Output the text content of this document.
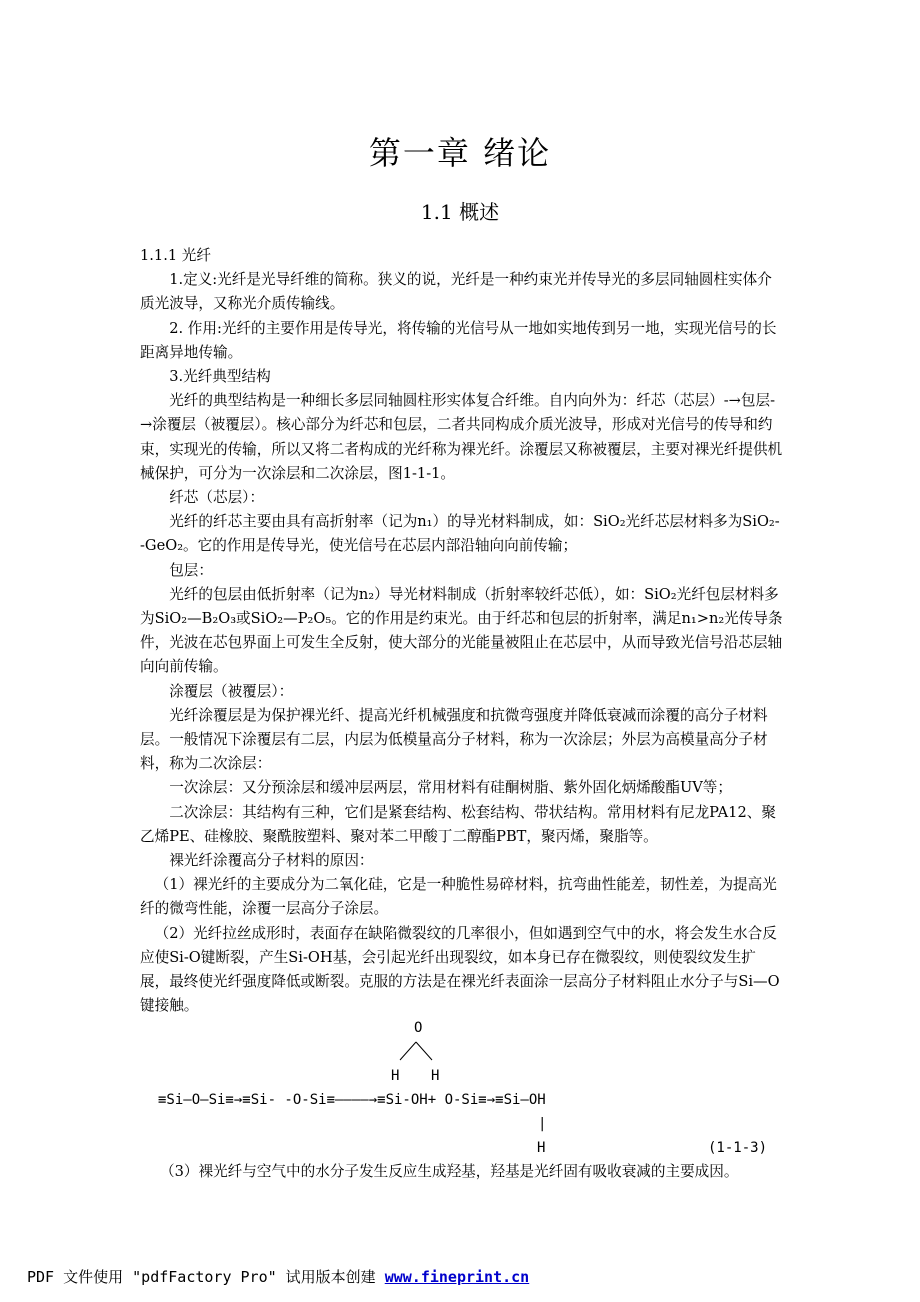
第一章 绪论
1.1 概述

1.1.1 光纤

1.定义:光纤是光导纤维的简称。狭义的说，光纤是一种约束光并传导光的多层同轴圆柱实体介质光波导，又称光介质传输线。

2. 作用:光纤的主要作用是传导光，将传输的光信号从一地如实地传到另一地，实现光信号的长距离异地传输。

3.光纤典型结构

光纤的典型结构是一种细长多层同轴圆柱形实体复合纤维。自内向外为：纤芯（芯层）-→包层-→涂覆层（被覆层）。核心部分为纤芯和包层，二者共同构成介质光波导，形成对光信号的传导和约束，实现光的传输，所以又将二者构成的光纤称为裸光纤。涂覆层又称被覆层，主要对裸光纤提供机械保护，可分为一次涂层和二次涂层，图1-1-1。

纤芯（芯层）：

光纤的纤芯主要由具有高折射率（记为n₁）的导光材料制成，如：SiO₂光纤芯层材料多为SiO₂--GeO₂。它的作用是传导光，使光信号在芯层内部沿轴向向前传输；

包层：

光纤的包层由低折射率（记为n₂）导光材料制成（折射率较纤芯低），如：SiO₂光纤包层材料多为SiO₂—B₂O₃或SiO₂—P₂O₅。它的作用是约束光。由于纤芯和包层的折射率，满足n₁>n₂光传导条件，光波在芯包界面上可发生全反射，使大部分的光能量被阻止在芯层中，从而导致光信号沿芯层轴向向前传输。

涂覆层（被覆层）：

光纤涂覆层是为保护裸光纤、提高光纤机械强度和抗微弯强度并降低衰减而涂覆的高分子材料层。一般情况下涂覆层有二层，内层为低模量高分子材料，称为一次涂层；外层为高模量高分子材料，称为二次涂层：

一次涂层：又分预涂层和缓冲层两层，常用材料有硅酮树脂、紫外固化炳烯酸酯UV等；

二次涂层：其结构有三种，它们是紧套结构、松套结构、带状结构。常用材料有尼龙PA12、聚乙烯PE、硅橡胶、聚酰胺塑料、聚对苯二甲酸丁二醇酯PBT，聚丙烯，聚脂等。

裸光纤涂覆高分子材料的原因：

（1）裸光纤的主要成分为二氧化硅，它是一种脆性易碎材料，抗弯曲性能差，韧性差，为提高光纤的微弯性能，涂覆一层高分子涂层。

（2）光纤拉丝成形时，表面存在缺陷微裂纹的几率很小，但如遇到空气中的水，将会发生水合反应使Si-O键断裂，产生Si-OH基，会引起光纤出现裂纹，如本身已存在微裂纹，则使裂纹发生扩展，最终使光纤强度降低或断裂。克服的方法是在裸光纤表面涂一层高分子材料阻止水分子与Si—O键接触。

O
H H
≡Si—O—Si≡→≡Si- -O-Si≡————→≡Si-OH+ O-Si≡→≡Si—OH
|
H	(1-1-3)
（3）裸光纤与空气中的水分子发生反应生成羟基，羟基是光纤固有吸收衰减的主要成因。
PDF 文件使用 "pdfFactory Pro" 试用版本创建 www.fineprint.cn
